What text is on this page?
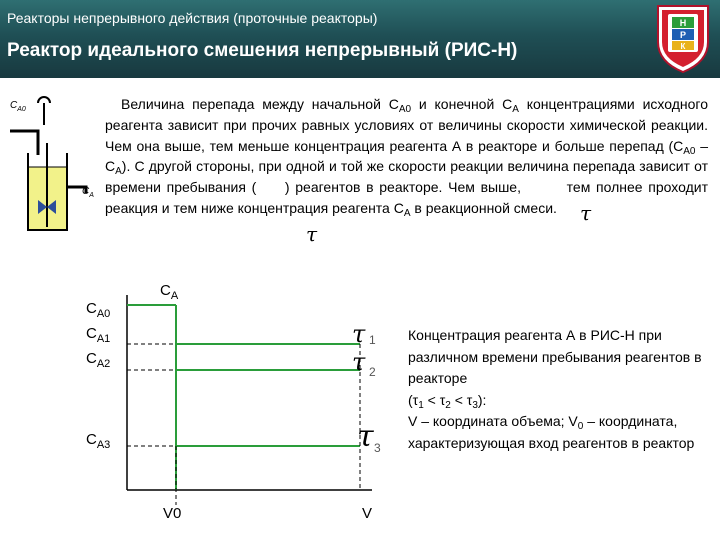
Реакторы непрерывного действия (проточные реакторы)
Реактор идеального смешения непрерывный (РИС-Н)
Н
Р
К
$C_{A0}$
$C_A$
Величина перепада между начальной $C_{A0}$ и конечной $C_A$ концентрациями исходного реагента зависит при прочих равных условиях от величины скорости химической реакции. Чем она выше, тем меньше концентрация реагента А в реакторе и больше перепад $(C_{A0} - C_A)$. С другой стороны, при одной и той же скорости реакции величина перепада зависит от времени пребывания ( ) реагентов в реакторе. Чем выше,	тем полнее проходит реакция и тем ниже концентрация реагента $C_A$ в реакционной смеси.	τ
τ
$C_A$
$C_{A0}$
$C_{A1}$
$C_{A2}$
$C_{A3}$
τ 1
τ 2
τ 3
V0	V
Концентрация реагента А в РИС-Н при различном времени пребывания реагентов в реакторе
$(\tau_1 < \tau_2 < \tau_3)$:
V – координата объема; $V_0$ – координата, характеризующая вход реагентов в реактор
